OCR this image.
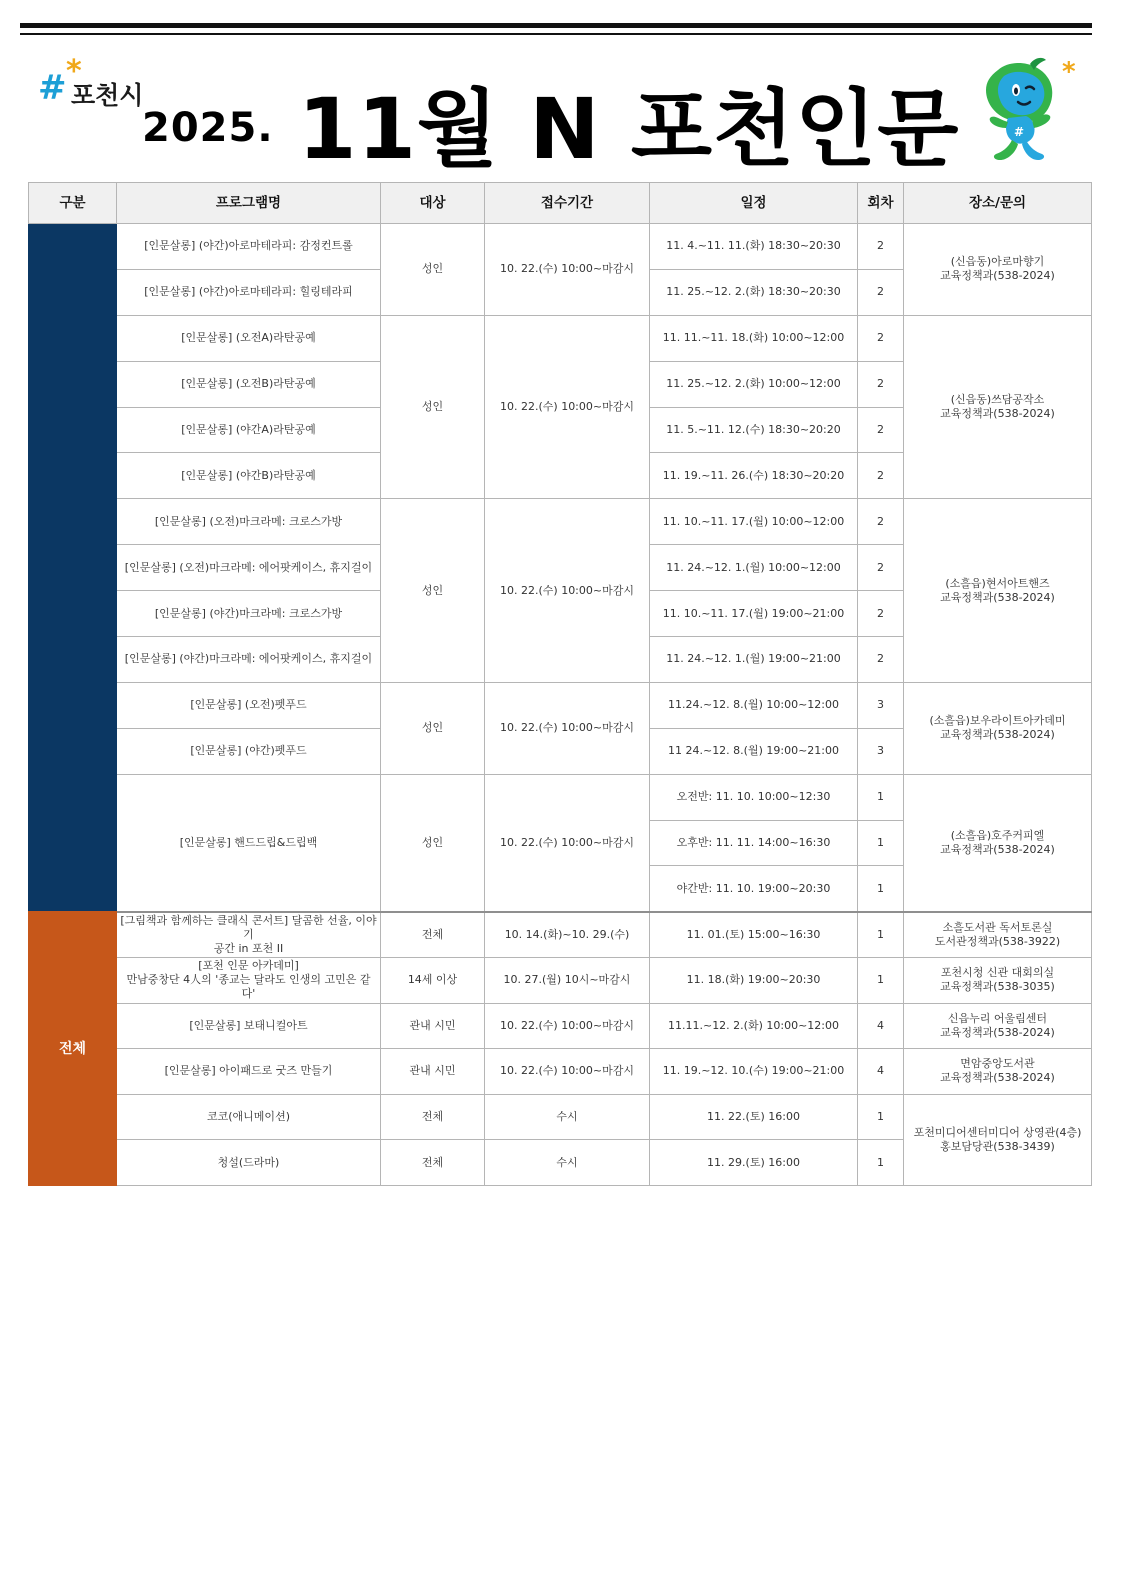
# *
포천시
2025. 11월 N 포천인문	#
*
구분	프로그램명	대상	접수기간	일정	회차	장소/문의
	[인문살롱] (야간)아로마테라피: 감정컨트롤	성인	10. 22.(수) 10:00~마감시	11. 4.~11. 11.(화) 18:30~20:30	2	(신읍동)아로마향기
교육정책과(538-2024)
	[인문살롱] (야간)아로마테라피: 힐링테라피			11. 25.~12. 2.(화) 18:30~20:30	2	
	[인문살롱] (오전A)라탄공예	성인	10. 22.(수) 10:00~마감시	11. 11.~11. 18.(화) 10:00~12:00	2	(신읍동)쓰담공작소
교육정책과(538-2024)
	[인문살롱] (오전B)라탄공예			11. 25.~12. 2.(화) 10:00~12:00	2	
	[인문살롱] (야간A)라탄공예			11. 5.~11. 12.(수) 18:30~20:20	2	
	[인문살롱] (야간B)라탄공예			11. 19.~11. 26.(수) 18:30~20:20	2	
	[인문살롱] (오전)마크라메: 크로스가방	성인	10. 22.(수) 10:00~마감시	11. 10.~11. 17.(월) 10:00~12:00	2	(소흘읍)현서아트핸즈
교육정책과(538-2024)
	[인문살롱] (오전)마크라메: 에어팟케이스, 휴지걸이			11. 24.~12. 1.(월) 10:00~12:00	2	
	[인문살롱] (야간)마크라메: 크로스가방			11. 10.~11. 17.(월) 19:00~21:00	2	
	[인문살롱] (야간)마크라메: 에어팟케이스, 휴지걸이			11. 24.~12. 1.(월) 19:00~21:00	2	
	[인문살롱] (오전)펫푸드	성인	10. 22.(수) 10:00~마감시	11.24.~12. 8.(월) 10:00~12:00	3	(소흘읍)보우라이트아카데미
교육정책과(538-2024)
	[인문살롱] (야간)펫푸드			11 24.~12. 8.(월) 19:00~21:00	3	
	[인문살롱] 핸드드립&드립백	성인	10. 22.(수) 10:00~마감시	오전반: 11. 10. 10:00~12:30	1	(소흘읍)호주커피엘
교육정책과(538-2024)
				오후반: 11. 11. 14:00~16:30	1	
				야간반: 11. 10. 19:00~20:30	1	
전체	[그림책과 함께하는 클래식 콘서트] 달콤한 선율, 이야기
공간 in 포천 II	전체	10. 14.(화)~10. 29.(수)	11. 01.(토) 15:00~16:30	1	소흘도서관 독서토론실
도서관정책과(538-3922)
	[포천 인문 아카데미]
만남중창단 4人의 '종교는 달라도 인생의 고민은 같다'	14세 이상	10. 27.(월) 10시~마감시	11. 18.(화) 19:00~20:30	1	포천시청 신관 대회의실
교육정책과(538-3035)
	[인문살롱] 보태니컬아트	관내 시민	10. 22.(수) 10:00~마감시	11.11.~12. 2.(화) 10:00~12:00	4	신읍누리 어울림센터
교육정책과(538-2024)
	[인문살롱] 아이패드로 굿즈 만들기	관내 시민	10. 22.(수) 10:00~마감시	11. 19.~12. 10.(수) 19:00~21:00	4	면암중앙도서관
교육정책과(538-2024)
	코코(애니메이션)	전체	수시	11. 22.(토) 16:00	1	포천미디어센터미디어 상영관(4층)
홍보담당관(538-3439)
	청설(드라마)	전체	수시	11. 29.(토) 16:00	1	
